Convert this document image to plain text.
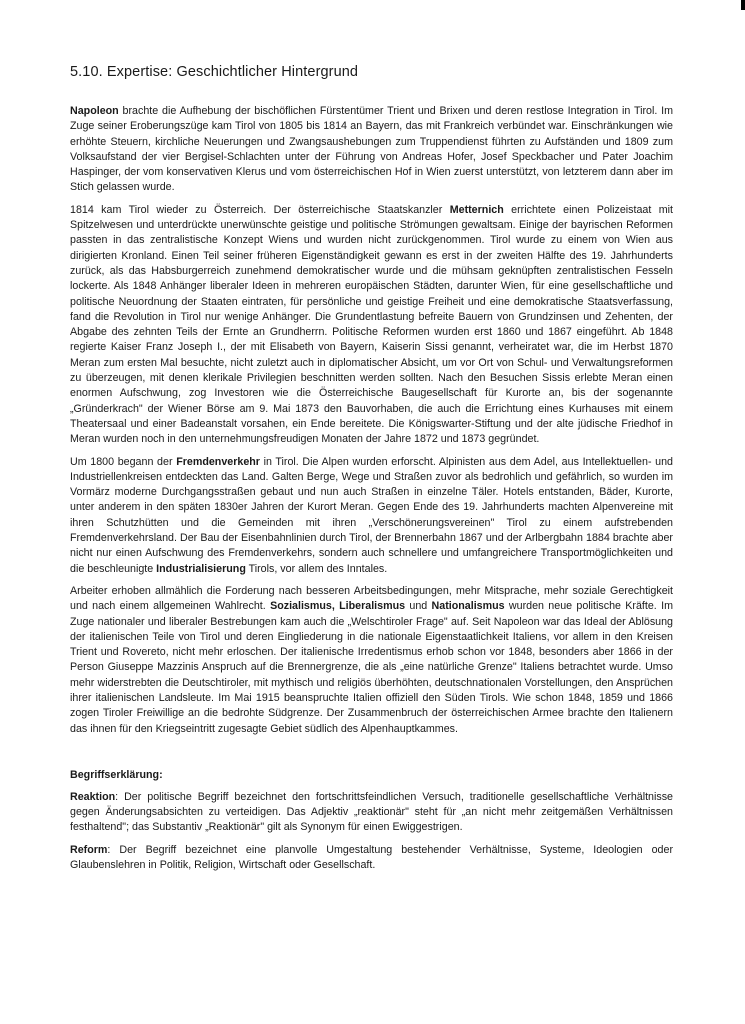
5.10. Expertise: Geschichtlicher Hintergrund

Napoleon brachte die Aufhebung der bischöflichen Fürstentümer Trient und Brixen und deren restlose Integration in Tirol. Im Zuge seiner Eroberungszüge kam Tirol von 1805 bis 1814 an Bayern, das mit Frankreich verbündet war. Einschränkungen wie erhöhte Steuern, kirchliche Neuerungen und Zwangsaushebungen zum Truppendienst führten zu Aufständen und 1809 zum Volksaufstand der vier Bergisel-Schlachten unter der Führung von Andreas Hofer, Josef Speckbacher und Pater Joachim Haspinger, der vom konservativen Klerus und vom österreichischen Hof in Wien zuerst unterstützt, von letzterem dann aber im Stich gelassen wurde.

1814 kam Tirol wieder zu Österreich. Der österreichische Staatskanzler Metternich errichtete einen Polizeistaat mit Spitzelwesen und unterdrückte unerwünschte geistige und politische Strömungen gewaltsam. Einige der bayrischen Reformen passten in das zentralistische Konzept Wiens und wurden nicht zurückgenommen. Tirol wurde zu einem von Wien aus dirigierten Kronland. Einen Teil seiner früheren Eigenständigkeit gewann es erst in der zweiten Hälfte des 19. Jahrhunderts zurück, als das Habsburgerreich zunehmend demokratischer wurde und die mühsam geknüpften zentralistischen Fesseln lockerte. Als 1848 Anhänger liberaler Ideen in mehreren europäischen Städten, darunter Wien, für eine gesellschaftliche und politische Neuordnung der Staaten eintraten, für persönliche und geistige Freiheit und eine demokratische Staatsverfassung, fand die Revolution in Tirol nur wenige Anhänger. Die Grundentlastung befreite Bauern von Grundzinsen und Zehenten, der Abgabe des zehnten Teils der Ernte an Grundherrn. Politische Reformen wurden erst 1860 und 1867 eingeführt. Ab 1848 regierte Kaiser Franz Joseph I., der mit Elisabeth von Bayern, Kaiserin Sissi genannt, verheiratet war, die im Herbst 1870 Meran zum ersten Mal besuchte, nicht zuletzt auch in diplomatischer Absicht, um vor Ort von Schul- und Verwaltungsreformen zu überzeugen, mit denen klerikale Privilegien beschnitten werden sollten. Nach den Besuchen Sissis erlebte Meran einen enormen Aufschwung, zog Investoren wie die Österreichische Baugesellschaft für Kurorte an, bis der sogenannte „Gründerkrach" der Wiener Börse am 9. Mai 1873 den Bauvorhaben, die auch die Errichtung eines Kurhauses mit einem Theatersaal und einer Badeanstalt vorsahen, ein Ende bereitete. Die Königswarter-Stiftung und der alte jüdische Friedhof in Meran wurden noch in den unternehmungsfreudigen Monaten der Jahre 1872 und 1873 gegründet.

Um 1800 begann der Fremdenverkehr in Tirol. Die Alpen wurden erforscht. Alpinisten aus dem Adel, aus Intellektuellen- und Industriellenkreisen entdeckten das Land. Galten Berge, Wege und Straßen zuvor als bedrohlich und gefährlich, so wurden im Vormärz moderne Durchgangsstraßen gebaut und nun auch Straßen in einzelne Täler. Hotels entstanden, Bäder, Kurorte, unter anderem in den späten 1830er Jahren der Kurort Meran. Gegen Ende des 19. Jahrhunderts machten Alpenvereine mit ihren Schutzhütten und die Gemeinden mit ihren „Verschönerungsvereinen" Tirol zu einem aufstrebenden Fremdenverkehrsland. Der Bau der Eisenbahnlinien durch Tirol, der Brennerbahn 1867 und der Arlbergbahn 1884 brachte aber nicht nur einen Aufschwung des Fremdenverkehrs, sondern auch schnellere und umfangreichere Transportmöglichkeiten und die beschleunigte Industrialisierung Tirols, vor allem des Inntales.

Arbeiter erhoben allmählich die Forderung nach besseren Arbeitsbedingungen, mehr Mitsprache, mehr soziale Gerechtigkeit und nach einem allgemeinen Wahlrecht. Sozialismus, Liberalismus und Nationalismus wurden neue politische Kräfte. Im Zuge nationaler und liberaler Bestrebungen kam auch die „Welschtiroler Frage" auf. Seit Napoleon war das Ideal der Ablösung der italienischen Teile von Tirol und deren Eingliederung in die nationale Eigenstaatlichkeit Italiens, vor allem in den Kreisen Trient und Rovereto, nicht mehr erloschen. Der italienische Irredentismus erhob schon vor 1848, besonders aber 1866 in der Person Giuseppe Mazzinis Anspruch auf die Brennergrenze, die als „eine natürliche Grenze" Italiens betrachtet wurde. Umso mehr widerstrebten die Deutschtiroler, mit mythisch und religiös überhöhten, deutschnationalen Vorstellungen, den Ansprüchen ihrer italienischen Landsleute. Im Mai 1915 beanspruchte Italien offiziell den Süden Tirols. Wie schon 1848, 1859 und 1866 zogen Tiroler Freiwillige an die bedrohte Südgrenze. Der Zusammenbruch der österreichischen Armee brachte den Italienern das ihnen für den Kriegseintritt zugesagte Gebiet südlich des Alpenhauptkammes.

Begriffserklärung:

Reaktion: Der politische Begriff bezeichnet den fortschrittsfeindlichen Versuch, traditionelle gesellschaftliche Verhältnisse gegen Änderungsabsichten zu verteidigen. Das Adjektiv „reaktionär" steht für „an nicht mehr zeitgemäßen Verhältnissen festhaltend"; das Substantiv „Reaktionär" gilt als Synonym für einen Ewiggestrigen.

Reform: Der Begriff bezeichnet eine planvolle Umgestaltung bestehender Verhältnisse, Systeme, Ideologien oder Glaubenslehren in Politik, Religion, Wirtschaft oder Gesellschaft.
